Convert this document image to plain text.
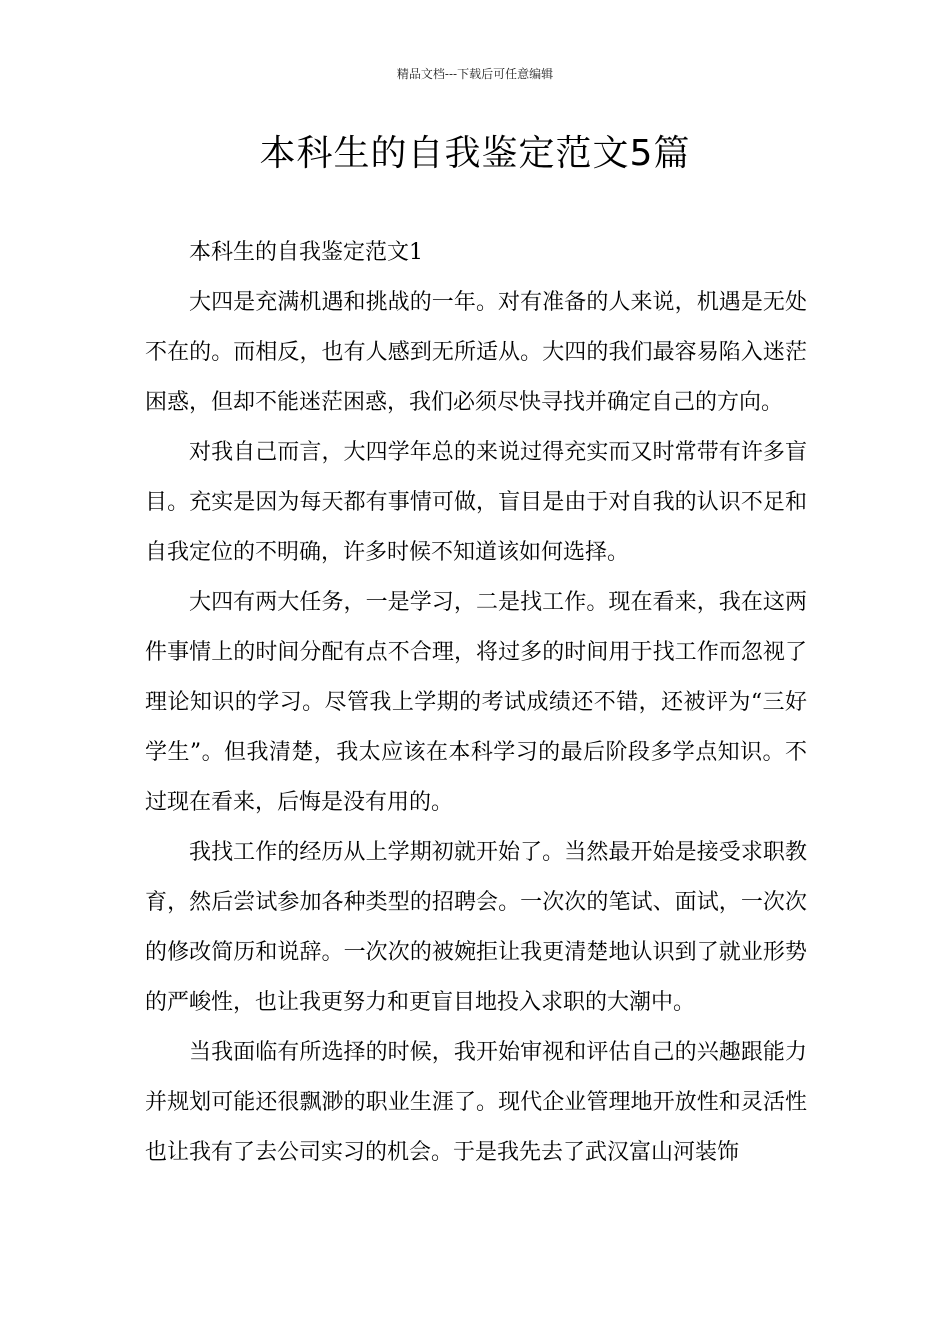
精品文档---下载后可任意编辑
本科生的自我鉴定范文5篇

本科生的自我鉴定范文1

大四是充满机遇和挑战的一年。对有准备的人来说，机遇是无处不在的。而相反，也有人感到无所适从。大四的我们最容易陷入迷茫困惑，但却不能迷茫困惑，我们必须尽快寻找并确定自己的方向。

对我自己而言，大四学年总的来说过得充实而又时常带有许多盲目。充实是因为每天都有事情可做，盲目是由于对自我的认识不足和自我定位的不明确，许多时候不知道该如何选择。

大四有两大任务，一是学习，二是找工作。现在看来，我在这两件事情上的时间分配有点不合理，将过多的时间用于找工作而忽视了理论知识的学习。尽管我上学期的考试成绩还不错，还被评为“三好学生”。但我清楚，我太应该在本科学习的最后阶段多学点知识。不过现在看来，后悔是没有用的。

我找工作的经历从上学期初就开始了。当然最开始是接受求职教育，然后尝试参加各种类型的招聘会。一次次的笔试、面试，一次次的修改简历和说辞。一次次的被婉拒让我更清楚地认识到了就业形势的严峻性，也让我更努力和更盲目地投入求职的大潮中。

当我面临有所选择的时候，我开始审视和评估自己的兴趣跟能力并规划可能还很飘渺的职业生涯了。现代企业管理地开放性和灵活性也让我有了去公司实习的机会。于是我先去了武汉富山河装饰
